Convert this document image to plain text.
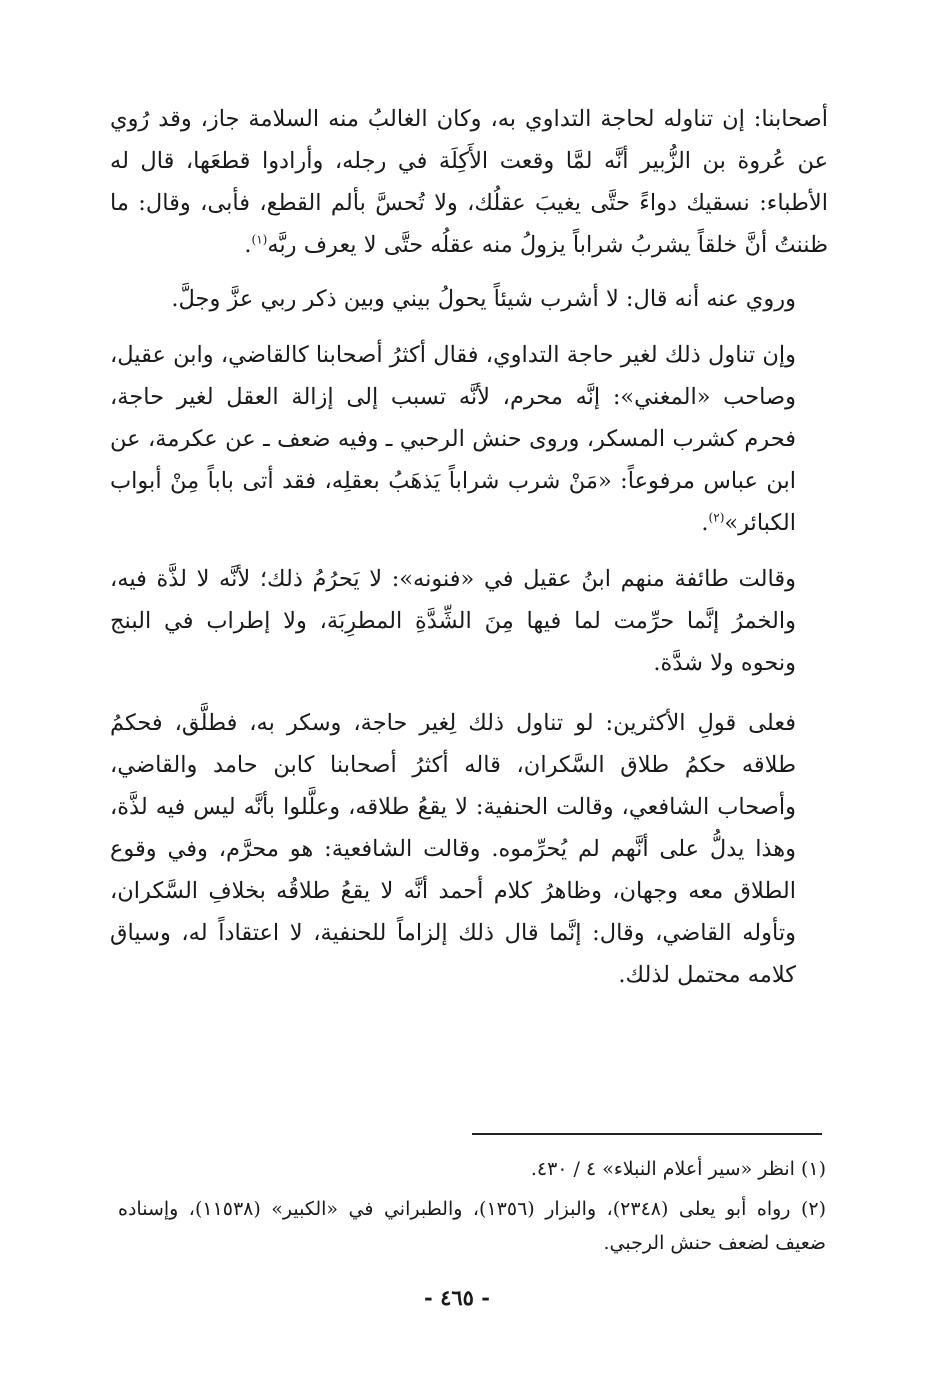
أصحابنا: إن تناوله لحاجة التداوي به، وكان الغالبُ منه السلامة جاز، وقد رُوي عن عُروة بن الزُّبير أنَّه لمَّا وقعت الأَكِلَة في رجله، وأرادوا قطعَها، قال له الأطباء: نسقيك دواءً حتَّى يغيبَ عقلُك، ولا تُحسَّ بألم القطع، فأبى، وقال: ما ظننتُ أنَّ خلقاً يشربُ شراباً يزولُ منه عقلُه حتَّى لا يعرف ربَّه$^{(١)}$.

وروي عنه أنه قال: لا أشرب شيئاً يحولُ بيني وبين ذكر ربي عزَّ وجلَّ.

وإن تناول ذلك لغير حاجة التداوي، فقال أكثرُ أصحابنا كالقاضي، وابن عقيل، وصاحب «المغني»: إنَّه محرم، لأنَّه تسبب إلى إزالة العقل لغير حاجة، فحرم كشرب المسكر، وروى حنش الرحبي ـ وفيه ضعف ـ عن عكرمة، عن ابن عباس مرفوعاً: «مَنْ شرب شراباً يَذهَبُ بعقلِه، فقد أتى باباً مِنْ أبواب الكبائر»$^{(٢)}$.

وقالت طائفة منهم ابنُ عقيل في «فنونه»: لا يَحرُمُ ذلك؛ لأنَّه لا لذَّة فيه، والخمرُ إنَّما حرِّمت لما فيها مِنَ الشِّدَّةِ المطرِبَة، ولا إطراب في البنج ونحوه ولا شدَّة.

فعلى قولِ الأكثرين: لو تناول ذلك لِغير حاجة، وسكر به، فطلَّق، فحكمُ طلاقه حكمُ طلاق السَّكران، قاله أكثرُ أصحابنا كابن حامد والقاضي، وأصحاب الشافعي، وقالت الحنفية: لا يقعُ طلاقه، وعلَّلوا بأنَّه ليس فيه لذَّة، وهذا يدلُّ على أنَّهم لم يُحرِّموه. وقالت الشافعية: هو محرَّم، وفي وقوع الطلاق معه وجهان، وظاهرُ كلام أحمد أنَّه لا يقعُ طلاقُه بخلافِ السَّكران، وتأوله القاضي، وقال: إنَّما قال ذلك إلزاماً للحنفية، لا اعتقاداً له، وسياق كلامه محتمل لذلك.

(١) انظر «سير أعلام النبلاء» ٤ / ٤٣٠.

(٢) رواه أبو يعلى (٢٣٤٨)، والبزار (١٣٥٦)، والطبراني في «الكبير» (١١٥٣٨)، وإسناده ضعيف لضعف حنش الرجبي.

- ٤٦٥ -
